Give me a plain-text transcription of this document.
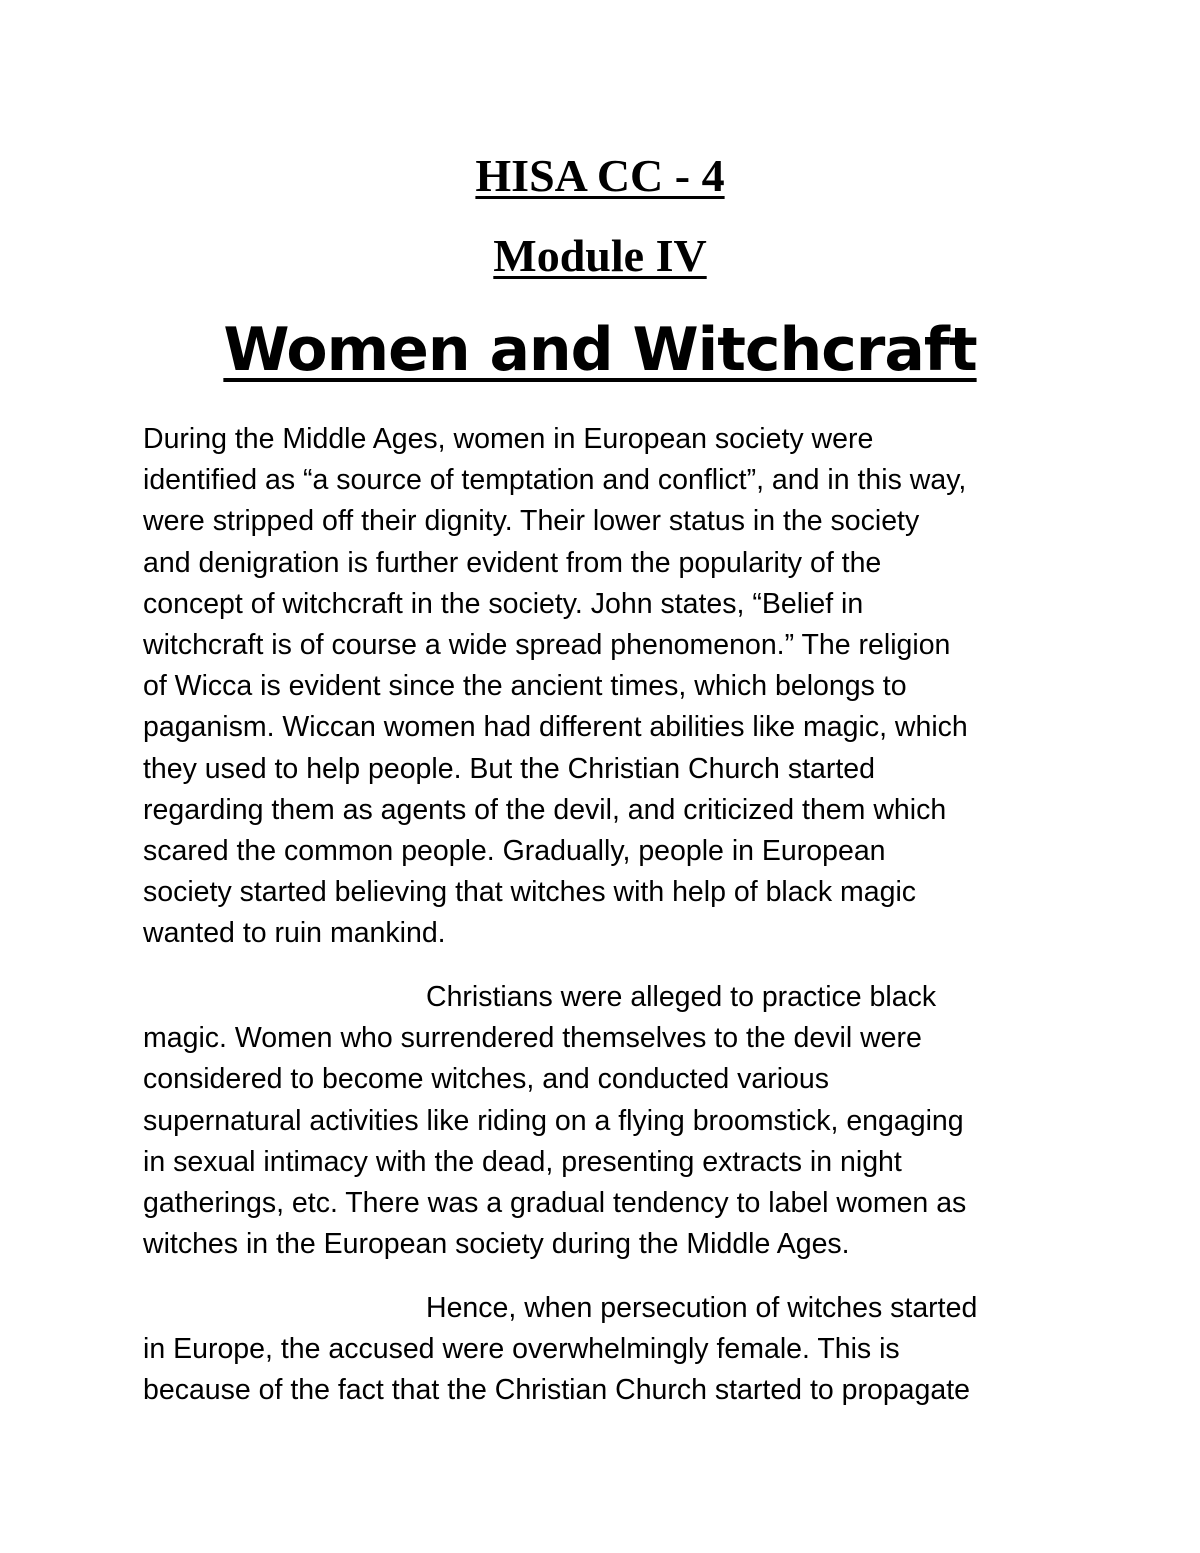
HISA CC - 4
Module IV
Women and Witchcraft
During the Middle Ages, women in European society were
identified as “a source of temptation and conflict”, and in this way,
were stripped off their dignity. Their lower status in the society
and denigration is further evident from the popularity of the
concept of witchcraft in the society. John states, “Belief in
witchcraft is of course a wide spread phenomenon.” The religion
of Wicca is evident since the ancient times, which belongs to
paganism. Wiccan women had different abilities like magic, which
they used to help people. But the Christian Church started
regarding them as agents of the devil, and criticized them which
scared the common people. Gradually, people in European
society started believing that witches with help of black magic
wanted to ruin mankind.
Christians were alleged to practice black
magic. Women who surrendered themselves to the devil were
considered to become witches, and conducted various
supernatural activities like riding on a flying broomstick, engaging
in sexual intimacy with the dead, presenting extracts in night
gatherings, etc. There was a gradual tendency to label women as
witches in the European society during the Middle Ages.
Hence, when persecution of witches started
in Europe, the accused were overwhelmingly female. This is
because of the fact that the Christian Church started to propagate
